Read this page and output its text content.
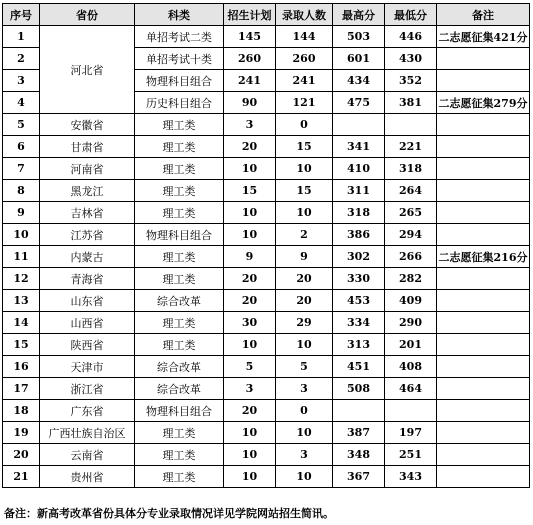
序号	省份	科类	招生计划	录取人数	最高分	最低分	备注
1	河北省	单招考试二类	145	144	503	446	二志愿征集421分
2		单招考试十类	260	260	601	430	
3		物理科目组合	241	241	434	352	
4		历史科目组合	90	121	475	381	二志愿征集279分
5	安徽省	理工类	3	0			
6	甘肃省	理工类	20	15	341	221	
7	河南省	理工类	10	10	410	318	
8	黑龙江	理工类	15	15	311	264	
9	吉林省	理工类	10	10	318	265	
10	江苏省	物理科目组合	10	2	386	294	
11	内蒙古	理工类	9	9	302	266	二志愿征集216分
12	青海省	理工类	20	20	330	282	
13	山东省	综合改革	20	20	453	409	
14	山西省	理工类	30	29	334	290	
15	陕西省	理工类	10	10	313	201	
16	天津市	综合改革	5	5	451	408	
17	浙江省	综合改革	3	3	508	464	
18	广东省	物理科目组合	20	0			
19	广西壮族自治区	理工类	10	10	387	197	
20	云南省	理工类	10	3	348	251	
21	贵州省	理工类	10	10	367	343	
备注：新高考改革省份具体分专业录取情况详见学院网站招生简讯。
